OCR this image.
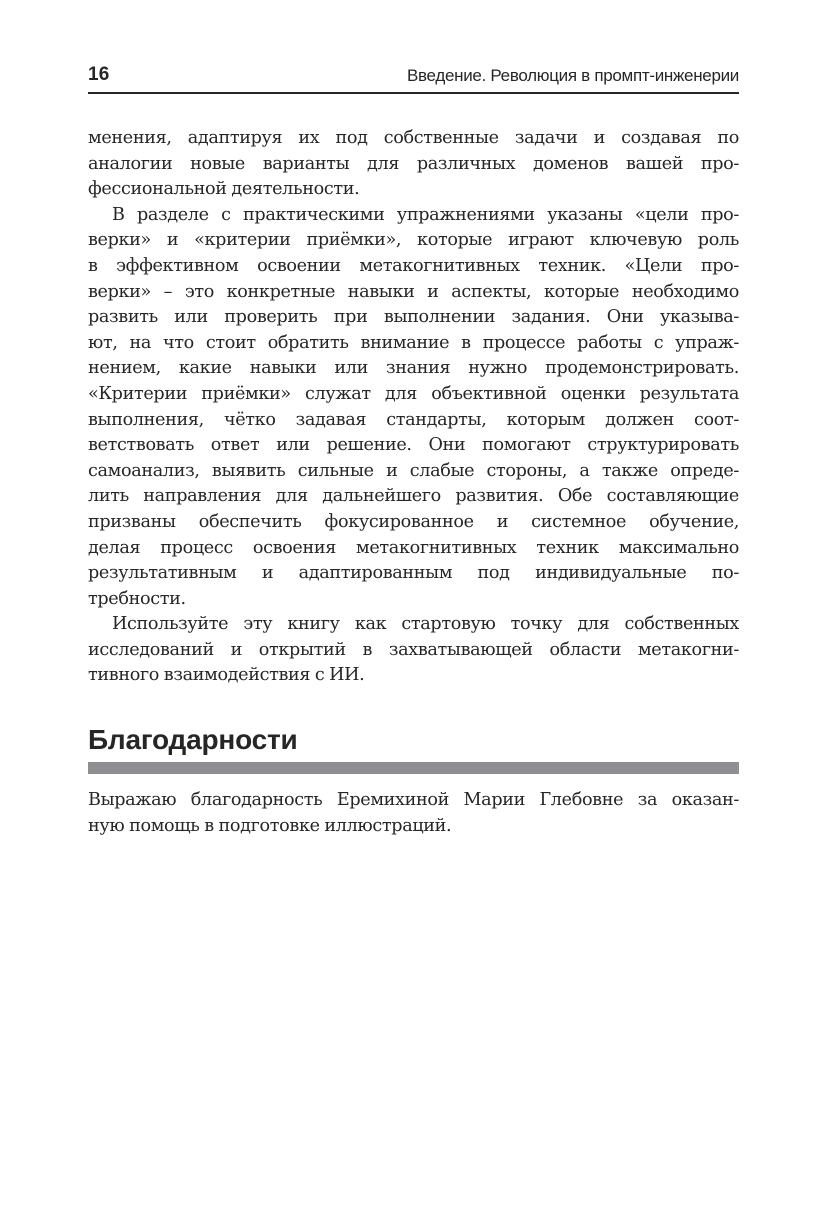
16	Введение. Революция в промпт-инженерии
менения, адаптируя их под собственные задачи и создавая по
аналогии новые варианты для различных доменов вашей про-
фессиональной деятельности.
В разделе с практическими упражнениями указаны «цели про-
верки» и «критерии приёмки», которые играют ключевую роль
в эффективном освоении метакогнитивных техник. «Цели про-
верки» – это конкретные навыки и аспекты, которые необходимо
развить или проверить при выполнении задания. Они указыва-
ют, на что стоит обратить внимание в процессе работы с упраж-
нением, какие навыки или знания нужно продемонстрировать.
«Критерии приёмки» служат для объективной оценки результата
выполнения, чётко задавая стандарты, которым должен соот-
ветствовать ответ или решение. Они помогают структурировать
самоанализ, выявить сильные и слабые стороны, а также опреде-
лить направления для дальнейшего развития. Обе составляющие
призваны обеспечить фокусированное и системное обучение,
делая процесс освоения метакогнитивных техник максимально
результативным и адаптированным под индивидуальные по-
требности.
Используйте эту книгу как стартовую точку для собственных
исследований и открытий в захватывающей области метакогни-
тивного взаимодействия с ИИ.
Благодарности
Выражаю благодарность Еремихиной Марии Глебовне за оказан-
ную помощь в подготовке иллюстраций.
